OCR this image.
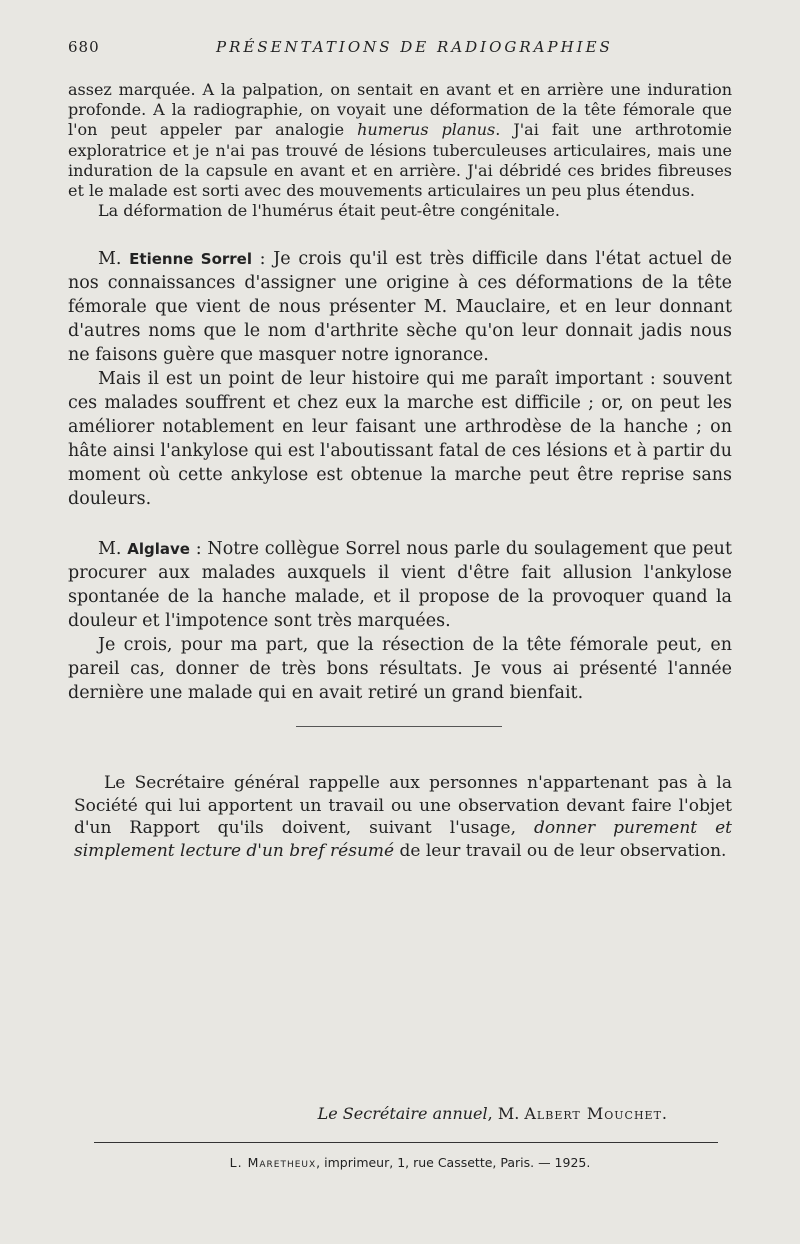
680	PRÉSENTATIONS DE RADIOGRAPHIES

assez marquée. A la palpation, on sentait en avant et en arrière une induration profonde. A la radiographie, on voyait une déformation de la tête fémorale que l'on peut appeler par analogie humerus planus. J'ai fait une arthrotomie exploratrice et je n'ai pas trouvé de lésions tuberculeuses articulaires, mais une induration de la capsule en avant et en arrière. J'ai débridé ces brides fibreuses et le malade est sorti avec des mouvements articulaires un peu plus étendus.

La déformation de l'humérus était peut-être congénitale.

M. Etienne Sorrel : Je crois qu'il est très difficile dans l'état actuel de nos connaissances d'assigner une origine à ces déformations de la tête fémorale que vient de nous présenter M. Mauclaire, et en leur donnant d'autres noms que le nom d'arthrite sèche qu'on leur donnait jadis nous ne faisons guère que masquer notre ignorance.

Mais il est un point de leur histoire qui me paraît important : souvent ces malades souffrent et chez eux la marche est difficile ; or, on peut les améliorer notablement en leur faisant une arthrodèse de la hanche ; on hâte ainsi l'ankylose qui est l'aboutissant fatal de ces lésions et à partir du moment où cette ankylose est obtenue la marche peut être reprise sans douleurs.

M. Alglave : Notre collègue Sorrel nous parle du soulagement que peut procurer aux malades auxquels il vient d'être fait allusion l'ankylose spontanée de la hanche malade, et il propose de la provoquer quand la douleur et l'impotence sont très marquées.

Je crois, pour ma part, que la résection de la tête fémorale peut, en pareil cas, donner de très bons résultats. Je vous ai présenté l'année dernière une malade qui en avait retiré un grand bienfait.

Le Secrétaire général rappelle aux personnes n'appartenant pas à la Société qui lui apportent un travail ou une observation devant faire l'objet d'un Rapport qu'ils doivent, suivant l'usage, donner purement et simplement lecture d'un bref résumé de leur travail ou de leur observation.

Le Secrétaire annuel, M. Albert Mouchet.
L. Maretheux, imprimeur, 1, rue Cassette, Paris. — 1925.
